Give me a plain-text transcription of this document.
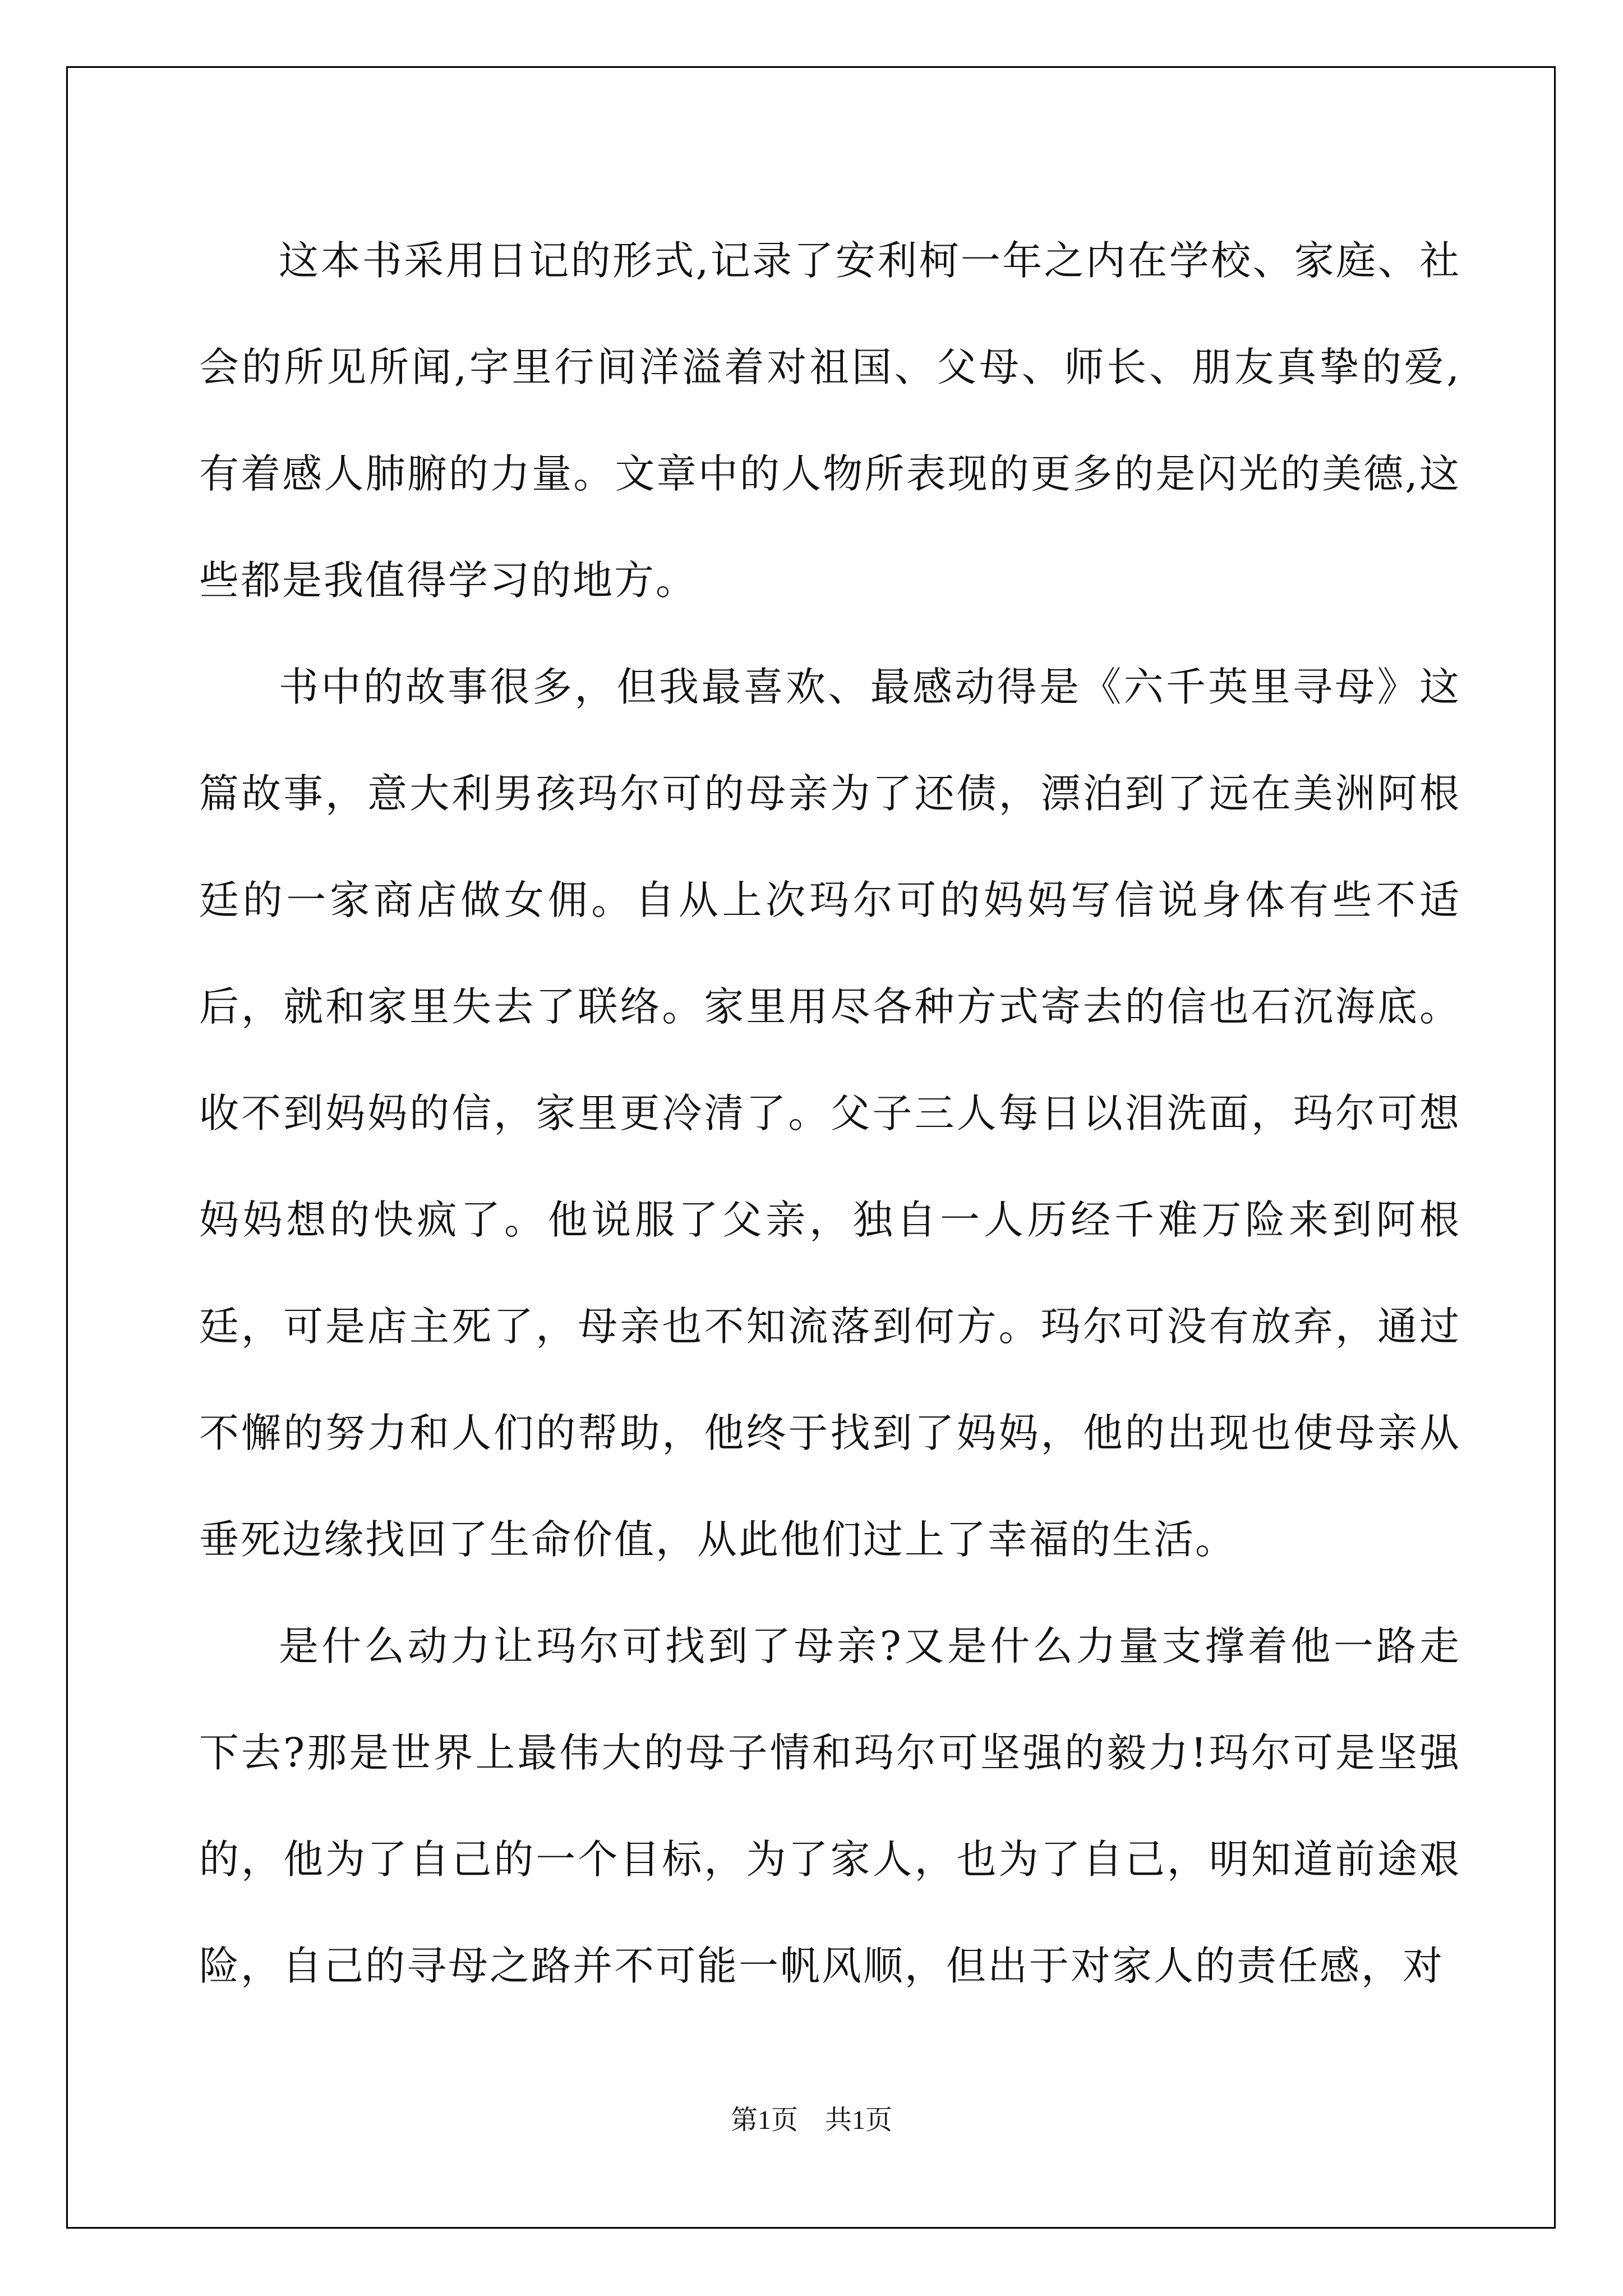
这本书采用日记的形式,记录了安利柯一年之内在学校、家庭、社会的所见所闻,字里行间洋溢着对祖国、父母、师长、朋友真挚的爱,有着感人肺腑的力量。文章中的人物所表现的更多的是闪光的美德,这些都是我值得学习的地方。

书中的故事很多，但我最喜欢、最感动得是《六千英里寻母》这篇故事，意大利男孩玛尔可的母亲为了还债，漂泊到了远在美洲阿根廷的一家商店做女佣。自从上次玛尔可的妈妈写信说身体有些不适后，就和家里失去了联络。家里用尽各种方式寄去的信也石沉海底。收不到妈妈的信，家里更冷清了。父子三人每日以泪洗面，玛尔可想妈妈想的快疯了。他说服了父亲，独自一人历经千难万险来到阿根廷，可是店主死了，母亲也不知流落到何方。玛尔可没有放弃，通过不懈的努力和人们的帮助，他终于找到了妈妈，他的出现也使母亲从垂死边缘找回了生命价值，从此他们过上了幸福的生活。

是什么动力让玛尔可找到了母亲?又是什么力量支撑着他一路走下去?那是世界上最伟大的母子情和玛尔可坚强的毅力!玛尔可是坚强的，他为了自己的一个目标，为了家人，也为了自己，明知道前途艰险，自己的寻母之路并不可能一帆风顺，但出于对家人的责任感，对

第1页　共1页
